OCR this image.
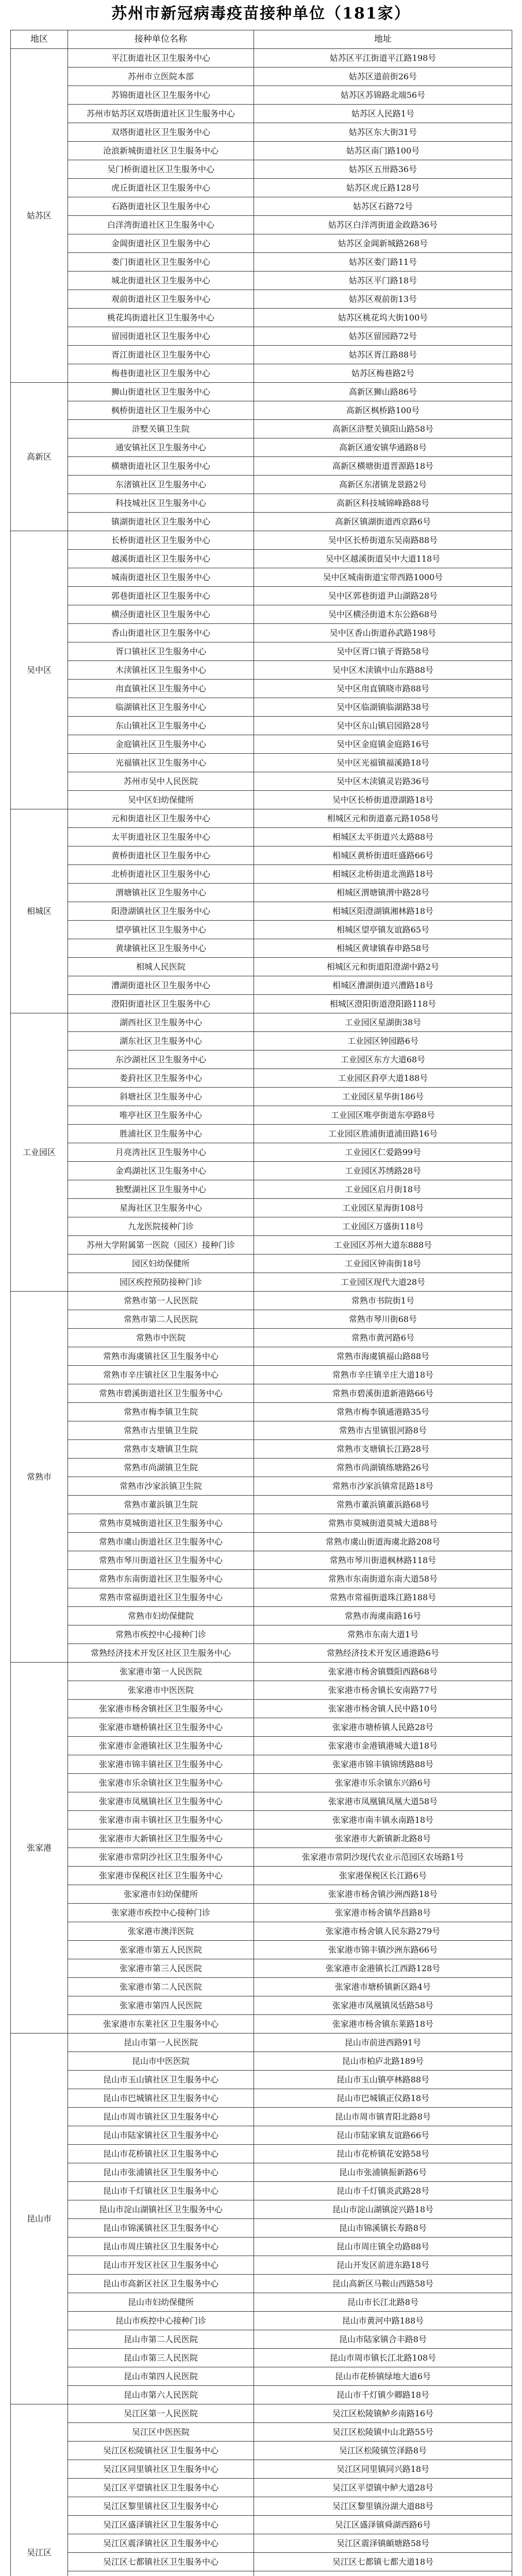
苏州市新冠病毒疫苗接种单位（181家）
地区	接种单位名称	地址
姑苏区	平江街道社区卫生服务中心	姑苏区平江街道平江路198号
	苏州市立医院本部	姑苏区道前街26号
	苏锦街道社区卫生服务中心	姑苏区苏锦路北端56号
	苏州市姑苏区双塔街道社区卫生服务中心	姑苏区人民路1号
	双塔街道社区卫生服务中心	姑苏区东大街31号
	沧浪新城街道社区卫生服务中心	姑苏区南门路100号
	吴门桥街道社区卫生服务中心	姑苏区五卅路36号
	虎丘街道社区卫生服务中心	姑苏区虎丘路128号
	石路街道社区卫生服务中心	姑苏区石路72号
	白洋湾街道社区卫生服务中心	姑苏区白洋湾街道金政路36号
	金阊街道社区卫生服务中心	姑苏区金阊新城路268号
	娄门街道社区卫生服务中心	姑苏区娄门路11号
	城北街道社区卫生服务中心	姑苏区平门路18号
	观前街道社区卫生服务中心	姑苏区观前街13号
	桃花坞街道社区卫生服务中心	姑苏区桃花坞大街100号
	留园街道社区卫生服务中心	姑苏区留园路72号
	胥江街道社区卫生服务中心	姑苏区胥江路88号
	梅巷街道社区卫生服务中心	姑苏区梅巷路2号
高新区	狮山街道社区卫生服务中心	高新区狮山路86号
	枫桥街道社区卫生服务中心	高新区枫桥路100号
	浒墅关镇卫生院	高新区浒墅关镇阳山路58号
	通安镇社区卫生服务中心	高新区通安镇华通路8号
	横塘街道社区卫生服务中心	高新区横塘街道晋源路18号
	东渚镇社区卫生服务中心	高新区东渚镇龙景路2号
	科技城社区卫生服务中心	高新区科技城锦峰路88号
	镇湖街道社区卫生服务中心	高新区镇湖街道西京路6号
吴中区	长桥街道社区卫生服务中心	吴中区长桥街道东吴南路88号
	越溪街道社区卫生服务中心	吴中区越溪街道吴中大道118号
	城南街道社区卫生服务中心	吴中区城南街道宝带西路1000号
	郭巷街道社区卫生服务中心	吴中区郭巷街道尹山湖路28号
	横泾街道社区卫生服务中心	吴中区横泾街道木东公路68号
	香山街道社区卫生服务中心	吴中区香山街道孙武路198号
	胥口镇社区卫生服务中心	吴中区胥口镇子胥路58号
	木渎镇社区卫生服务中心	吴中区木渎镇中山东路88号
	甪直镇社区卫生服务中心	吴中区甪直镇晓市路88号
	临湖镇社区卫生服务中心	吴中区临湖镇临湖路38号
	东山镇社区卫生服务中心	吴中区东山镇启园路28号
	金庭镇社区卫生服务中心	吴中区金庭镇金庭路16号
	光福镇社区卫生服务中心	吴中区光福镇福溪路18号
	苏州市吴中人民医院	吴中区木渎镇灵岩路36号
	吴中区妇幼保健所	吴中区长桥街道澄湖路18号
相城区	元和街道社区卫生服务中心	相城区元和街道嘉元路1058号
	太平街道社区卫生服务中心	相城区太平街道兴太路88号
	黄桥街道社区卫生服务中心	相城区黄桥街道旺盛路66号
	北桥街道社区卫生服务中心	相城区北桥街道北渔路18号
	渭塘镇社区卫生服务中心	相城区渭塘镇渭中路28号
	阳澄湖镇社区卫生服务中心	相城区阳澄湖镇湘林路18号
	望亭镇社区卫生服务中心	相城区望亭镇友谊路65号
	黄埭镇社区卫生服务中心	相城区黄埭镇春申路58号
	相城人民医院	相城区元和街道阳澄湖中路2号
	漕湖街道社区卫生服务中心	相城区漕湖街道兴漕路18号
	澄阳街道社区卫生服务中心	相城区澄阳街道澄阳路118号
工业园区	湖西社区卫生服务中心	工业园区星湖街38号
	湖东社区卫生服务中心	工业园区钟园路6号
	东沙湖社区卫生服务中心	工业园区东方大道68号
	娄葑社区卫生服务中心	工业园区葑亭大道188号
	斜塘社区卫生服务中心	工业园区星华街186号
	唯亭社区卫生服务中心	工业园区唯亭街道东亭路8号
	胜浦社区卫生服务中心	工业园区胜浦街道浦田路16号
	月亮湾社区卫生服务中心	工业园区仁爱路99号
	金鸡湖社区卫生服务中心	工业园区苏绣路28号
	独墅湖社区卫生服务中心	工业园区启月街18号
	星海社区卫生服务中心	工业园区星海街108号
	九龙医院接种门诊	工业园区万盛街118号
	苏州大学附属第一医院（园区）接种门诊	工业园区苏州大道东888号
	园区妇幼保健所	工业园区钟南街18号
	园区疾控预防接种门诊	工业园区现代大道28号
常熟市	常熟市第一人民医院	常熟市书院街1号
	常熟市第二人民医院	常熟市琴川街68号
	常熟市中医院	常熟市黄河路6号
	常熟市海虞镇社区卫生服务中心	常熟市海虞镇福山路88号
	常熟市辛庄镇社区卫生服务中心	常熟市辛庄镇辛庄大道18号
	常熟市碧溪街道社区卫生服务中心	常熟市碧溪街道新港路66号
	常熟市梅李镇卫生院	常熟市梅李镇通港路35号
	常熟市古里镇卫生院	常熟市古里镇银河路8号
	常熟市支塘镇卫生院	常熟市支塘镇长江路28号
	常熟市尚湖镇卫生院	常熟市尚湖镇练塘路26号
	常熟市沙家浜镇卫生院	常熟市沙家浜镇常昆路18号
	常熟市董浜镇卫生院	常熟市董浜镇董浜路68号
	常熟市莫城街道社区卫生服务中心	常熟市莫城街道莫城大道88号
	常熟市虞山街道社区卫生服务中心	常熟市虞山街道海虞北路208号
	常熟市琴川街道社区卫生服务中心	常熟市琴川街道枫林路118号
	常熟市东南街道社区卫生服务中心	常熟市东南街道东南大道58号
	常熟市常福街道社区卫生服务中心	常熟市常福街道珠江路188号
	常熟市妇幼保健院	常熟市海虞南路16号
	常熟市疾控中心接种门诊	常熟市东南大道1号
	常熟经济技术开发区社区卫生服务中心	常熟经济技术开发区通港路6号
张家港	张家港市第一人民医院	张家港市杨舍镇暨阳西路68号
	张家港市中医医院	张家港市杨舍镇长安南路77号
	张家港市杨舍镇社区卫生服务中心	张家港市杨舍镇人民中路10号
	张家港市塘桥镇社区卫生服务中心	张家港市塘桥镇人民路28号
	张家港市金港镇社区卫生服务中心	张家港市金港镇港城大道18号
	张家港市锦丰镇社区卫生服务中心	张家港市锦丰镇锦绣路88号
	张家港市乐余镇社区卫生服务中心	张家港市乐余镇东兴路6号
	张家港市凤凰镇社区卫生服务中心	张家港市凤凰镇凤凰大道58号
	张家港市南丰镇社区卫生服务中心	张家港市南丰镇永南路18号
	张家港市大新镇社区卫生服务中心	张家港市大新镇新北路8号
	张家港市常阴沙社区卫生服务中心	张家港市常阴沙现代农业示范园区农场路1号
	张家港市保税区社区卫生服务中心	张家港保税区长江路6号
	张家港市妇幼保健所	张家港市杨舍镇沙洲西路18号
	张家港市疾控中心接种门诊	张家港市杨舍镇华昌路8号
	张家港市澳洋医院	张家港市杨舍镇人民东路279号
	张家港市第五人民医院	张家港市锦丰镇沙洲东路66号
	张家港市第三人民医院	张家港市金港镇长江西路128号
	张家港市第二人民医院	张家港市塘桥镇新区路4号
	张家港市第四人民医院	张家港市凤凰镇凤恬路58号
	张家港市东莱社区卫生服务中心	张家港市杨舍镇东莱路18号
昆山市	昆山市第一人民医院	昆山市前进西路91号
	昆山市中医医院	昆山市柏庐北路189号
	昆山市玉山镇社区卫生服务中心	昆山市玉山镇亭林路88号
	昆山市巴城镇社区卫生服务中心	昆山市巴城镇正仪路18号
	昆山市周市镇社区卫生服务中心	昆山市周市镇青阳北路8号
	昆山市陆家镇社区卫生服务中心	昆山市陆家镇友谊路66号
	昆山市花桥镇社区卫生服务中心	昆山市花桥镇花安路58号
	昆山市张浦镇社区卫生服务中心	昆山市张浦镇振新路6号
	昆山市千灯镇社区卫生服务中心	昆山市千灯镇炎武路28号
	昆山市淀山湖镇社区卫生服务中心	昆山市淀山湖镇淀兴路18号
	昆山市锦溪镇社区卫生服务中心	昆山市锦溪镇长寿路8号
	昆山市周庄镇社区卫生服务中心	昆山市周庄镇全功路88号
	昆山市开发区社区卫生服务中心	昆山开发区前进东路18号
	昆山市高新区社区卫生服务中心	昆山高新区马鞍山西路58号
	昆山市妇幼保健所	昆山市长江北路8号
	昆山市疾控中心接种门诊	昆山市黄河中路188号
	昆山市第二人民医院	昆山市陆家镇合丰路8号
	昆山市第三人民医院	昆山市周市镇长江北路108号
	昆山市第四人民医院	昆山市花桥镇绿地大道6号
	昆山市第六人民医院	昆山市千灯镇少卿路18号
吴江区	吴江区第一人民医院	吴江区松陵镇鲈乡南路16号
	吴江区中医医院	吴江区松陵镇中山北路55号
	吴江区松陵镇社区卫生服务中心	吴江区松陵镇笠泽路8号
	吴江区同里镇社区卫生服务中心	吴江区同里镇同兴路18号
	吴江区平望镇社区卫生服务中心	吴江区平望镇中鲈大道28号
	吴江区黎里镇社区卫生服务中心	吴江区黎里镇汾湖大道88号
	吴江区盛泽镇社区卫生服务中心	吴江区盛泽镇舜湖西路6号
	吴江区震泽镇社区卫生服务中心	吴江区震泽镇頔塘路58号
	吴江区七都镇社区卫生服务中心	吴江区七都镇七都大道18号
